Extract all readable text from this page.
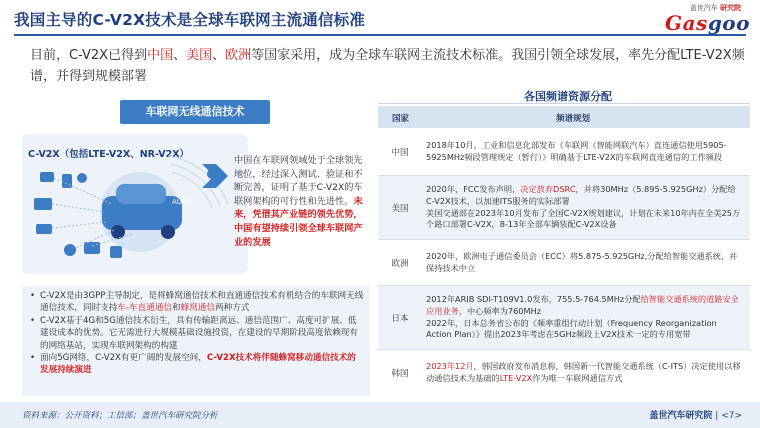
我国主导的C-V2X技术是全球车联网主流通信标准
盖世汽车 研究院
Gasgoo
目前，C-V2X已得到中国、美国、欧洲等国家采用，成为全球车联网主流技术标准。我国引领全球发展，率先分配LTE-V2X频谱，并得到规模部署
车联网无线通信技术
C-V2X（包括LTE-V2X、NR-V2X）
AUTO
中国在车联网领域处于全球领先地位，经过深入测试、验证和不断完善，证明了基于C-V2X的车联网架构的可行性和先进性。未来，凭借其产业链的领先优势，中国有望持续引领全球车联网产业的发展
• C-V2X是由3GPP主导制定，是将蜂窝通信技术和直通通信技术有机结合的车联网无线通信技术，同时支持车-车直通通信和蜂窝通信两种方式
• C-V2X基于4G和5G通信技术衍生，具有传输距离远、通信范围广、高度可扩展、低建设成本的优势。它无需进行大规模基础设施投资，在建设的早期阶段高度依赖现有的网络基站，实现车联网架构的构建
• 面向5G网络，C-V2X有更广阔的发展空间，C-V2X技术将伴随蜂窝移动通信技术的发展持续演进
各国频谱资源分配
国家	频谱规划
中国
2018年10月，工业和信息化部发布《车联网（智能网联汽车）直连通信使用5905-5925MHz频段管理规定（暂行）》明确基于LTE-V2X的车联网直连通信的工作频段
美国
2020年，FCC发布声明，决定放弃DSRC，并将30MHz（5.895-5.925GHz）分配给C-V2X技术，以加速ITS服务的实际部署
美国交通部在2023年10月发布了全国C-V2X规划建议，计划在未来10年内在全美25万个路口部署C-V2X，8-13年全部车辆装配C-V2X设备
欧洲
2020年，欧洲电子通信委员会（ECC）将5.875-5.925GHz,分配给智能交通系统，并保持技术中立
日本
2012年ARIB SDI-T109V1.0发布，755.5-764.5MHz分配给智能交通系统的道路安全应用业务，中心频率为760MHz
2022年，日本总务省公布的《频率重组行动计划（Frequency Reorganization Action Plan）》提出2023年考虑在5GHz频段上V2X技术一定的专用宽带
韩国
2023年12月，韩国政府发布消息称，韩国新一代智能交通系统（C-ITS）决定使用以移动通信技术为基础的LTE-V2X作为唯一车联网通信方式
资料来源：公开资料；工信部；盖世汽车研究院分析	盖世汽车研究院 | <7>
